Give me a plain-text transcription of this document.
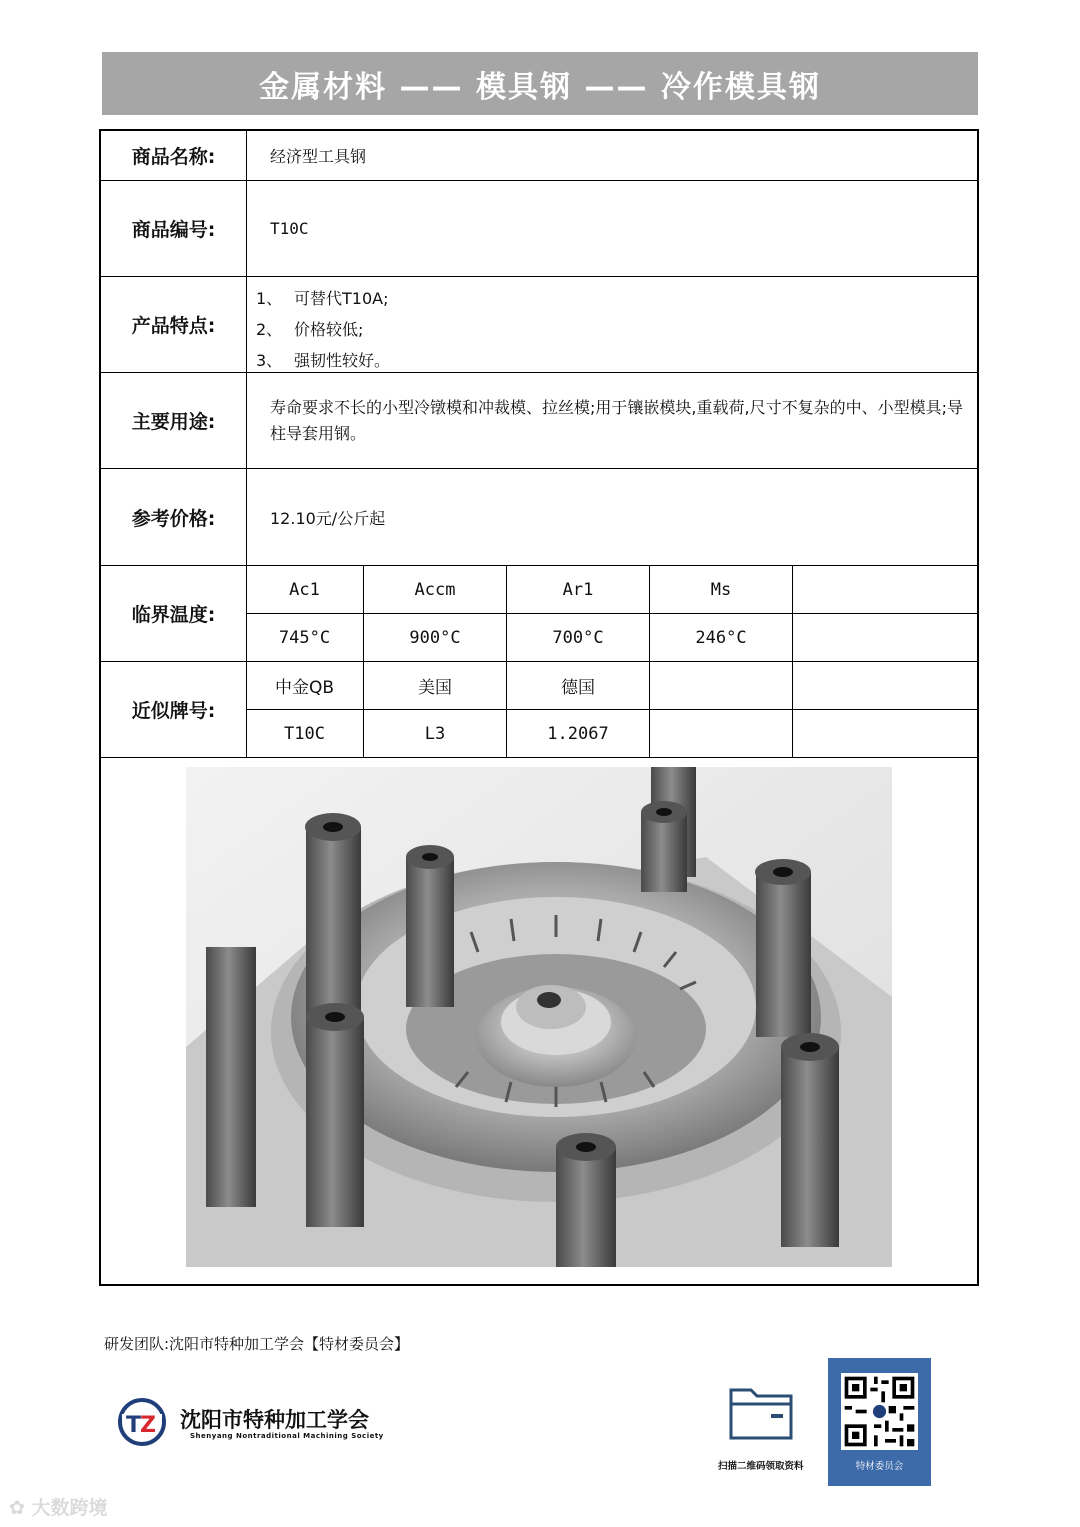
金属材料 —— 模具钢 —— 冷作模具钢
商品名称:	经济型工具钢
商品编号:	T10C
产品特点:
1、 可替代T10A;
2、 价格较低;
3、 强韧性较好。
主要用途:
寿命要求不长的小型冷镦模和冲裁模、拉丝模;用于镶嵌模块,重载荷,尺寸不复杂的中、小型模具;导柱导套用钢。
参考价格:	12.10元/公斤起
临界温度:
Ac1	Accm	Ar1	Ms
745°C	900°C	700°C	246°C
近似牌号:
中金QB	美国	德国
T10C	L3	1.2067
研发团队:沈阳市特种加工学会【特材委员会】
T
Z 沈阳市特种加工学会
Shenyang Nontraditional Machining Society
扫描二维码领取资料	特材委员会
✿ 大数跨境
